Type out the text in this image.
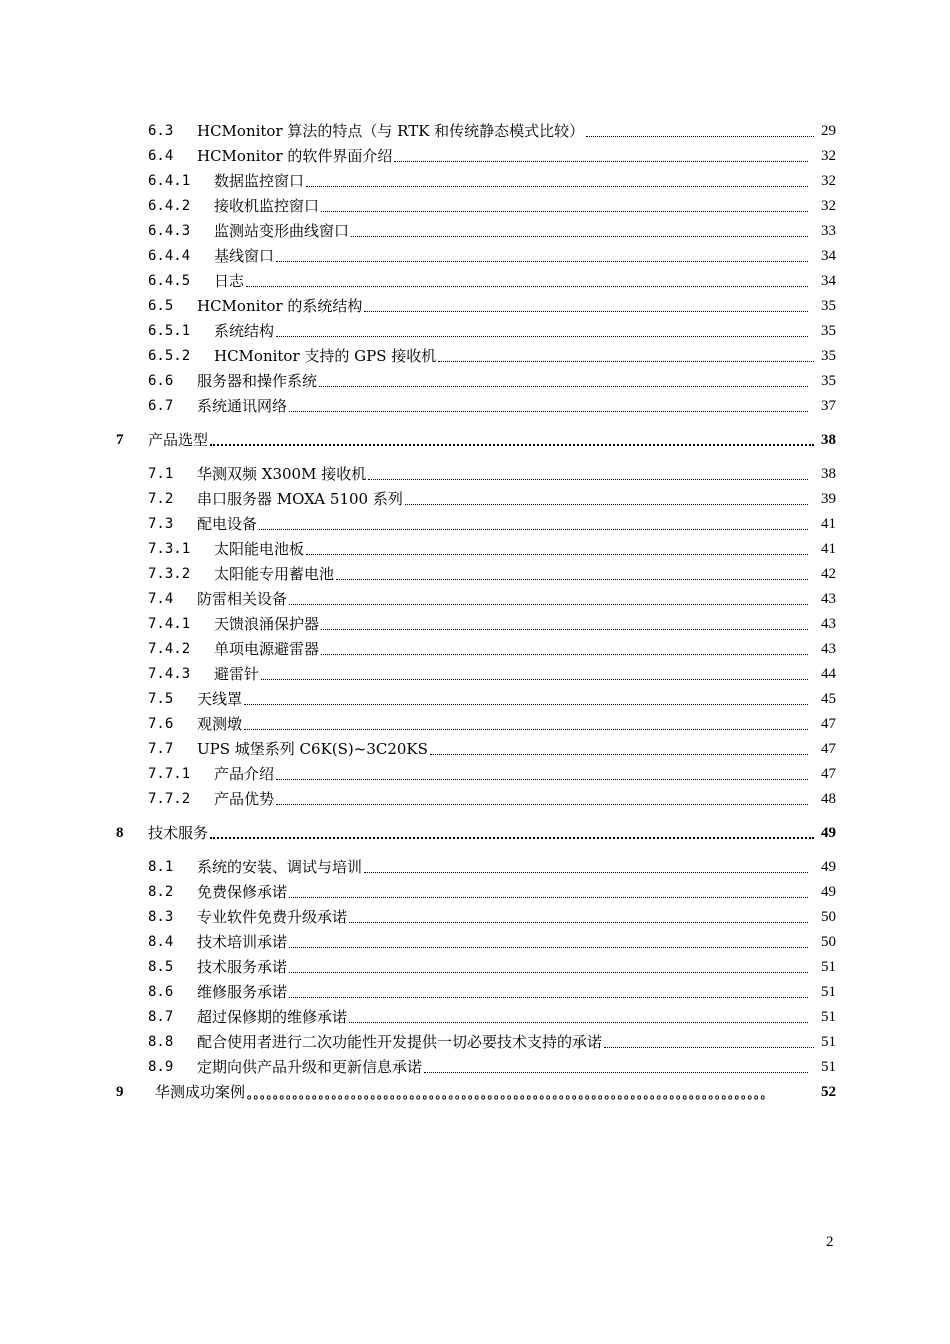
6.3 HCMonitor 算法的特点（与 RTK 和传统静态模式比较）	29
6.4 HCMonitor 的软件界面介绍	32
6.4.1 数据监控窗口	32
6.4.2 接收机监控窗口	32
6.4.3 监测站变形曲线窗口	33
6.4.4 基线窗口	34
6.4.5 日志	34
6.5 HCMonitor 的系统结构	35
6.5.1 系统结构	35
6.5.2 HCMonitor 支持的 GPS 接收机	35
6.6 服务器和操作系统	35
6.7 系统通讯网络	37
7 产品选型	38
7.1 华测双频 X300M 接收机	38
7.2 串口服务器 MOXA 5100 系列	39
7.3 配电设备	41
7.3.1 太阳能电池板	41
7.3.2 太阳能专用蓄电池	42
7.4 防雷相关设备	43
7.4.1 天馈浪涌保护器	43
7.4.2 单项电源避雷器	43
7.4.3 避雷针	44
7.5 天线罩	45
7.6 观测墩	47
7.7 UPS 城堡系列 C6K(S)~3C20KS	47
7.7.1 产品介绍	47
7.7.2 产品优势	48
8 技术服务	49
8.1 系统的安装、调试与培训	49
8.2 免费保修承诺	49
8.3 专业软件免费升级承诺	50
8.4 技术培训承诺	50
8.5 技术服务承诺	51
8.6 维修服务承诺	51
8.7 超过保修期的维修承诺	51
8.8 配合使用者进行二次功能性开发提供一切必要技术支持的承诺	51
8.9 定期向供产品升级和更新信息承诺	51
9 华测成功案例	52
。。。。。。。。。。。。。。。。。。。。。。。。。。。。。。。。。。。。。。。。。。。。。。。。。。。。。。。。。。。。。。。。。。。。。。。。。。。。。。。。
2
